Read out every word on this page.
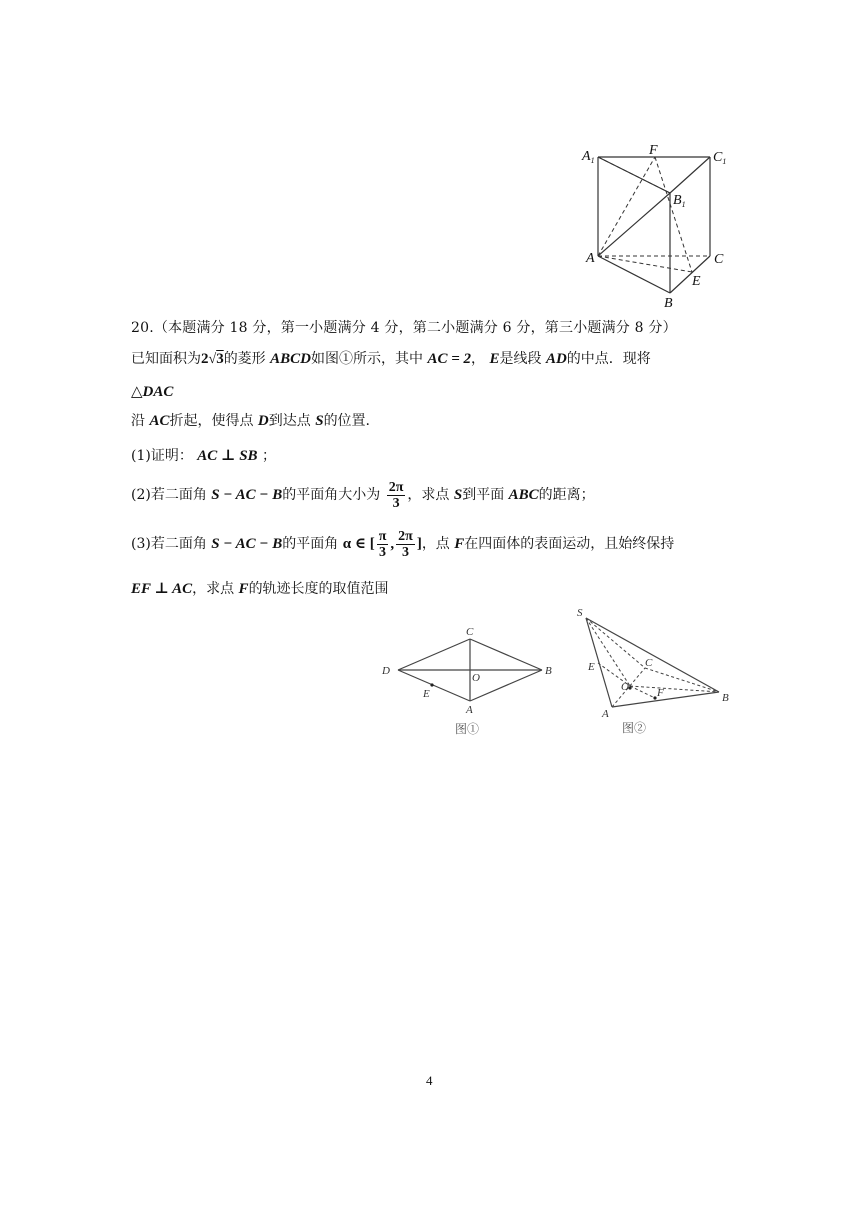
$A_1$
F	$C_1$
$B_1$
A	C
E
B
20.（本题满分 18 分，第一小题满分 4 分，第二小题满分 6 分，第三小题满分 8 分）
已知面积为2√3的菱形 ABCD如图①所示，其中 AC = 2， E是线段 AD的中点．现将
△DAC
沿 AC折起，使得点 D到达点 S的位置.
(1)证明： AC ⊥ SB ；
(2)若二面角 S − AC − B的平面角大小为 $\frac{2\pi}{3}$ ，求点 S到平面 ABC的距离；
(3)若二面角 S − AC − B的平面角 α ∈ [ $\frac{\pi}{3}$ , $\frac{2\pi}{3}$ ]，点 F在四面体的表面运动，且始终保持
EF ⊥ AC，求点 F的轨迹长度的取值范围
C
D
O
B
E
A
图①
S
E	C
O	F
A
B
图②
4
